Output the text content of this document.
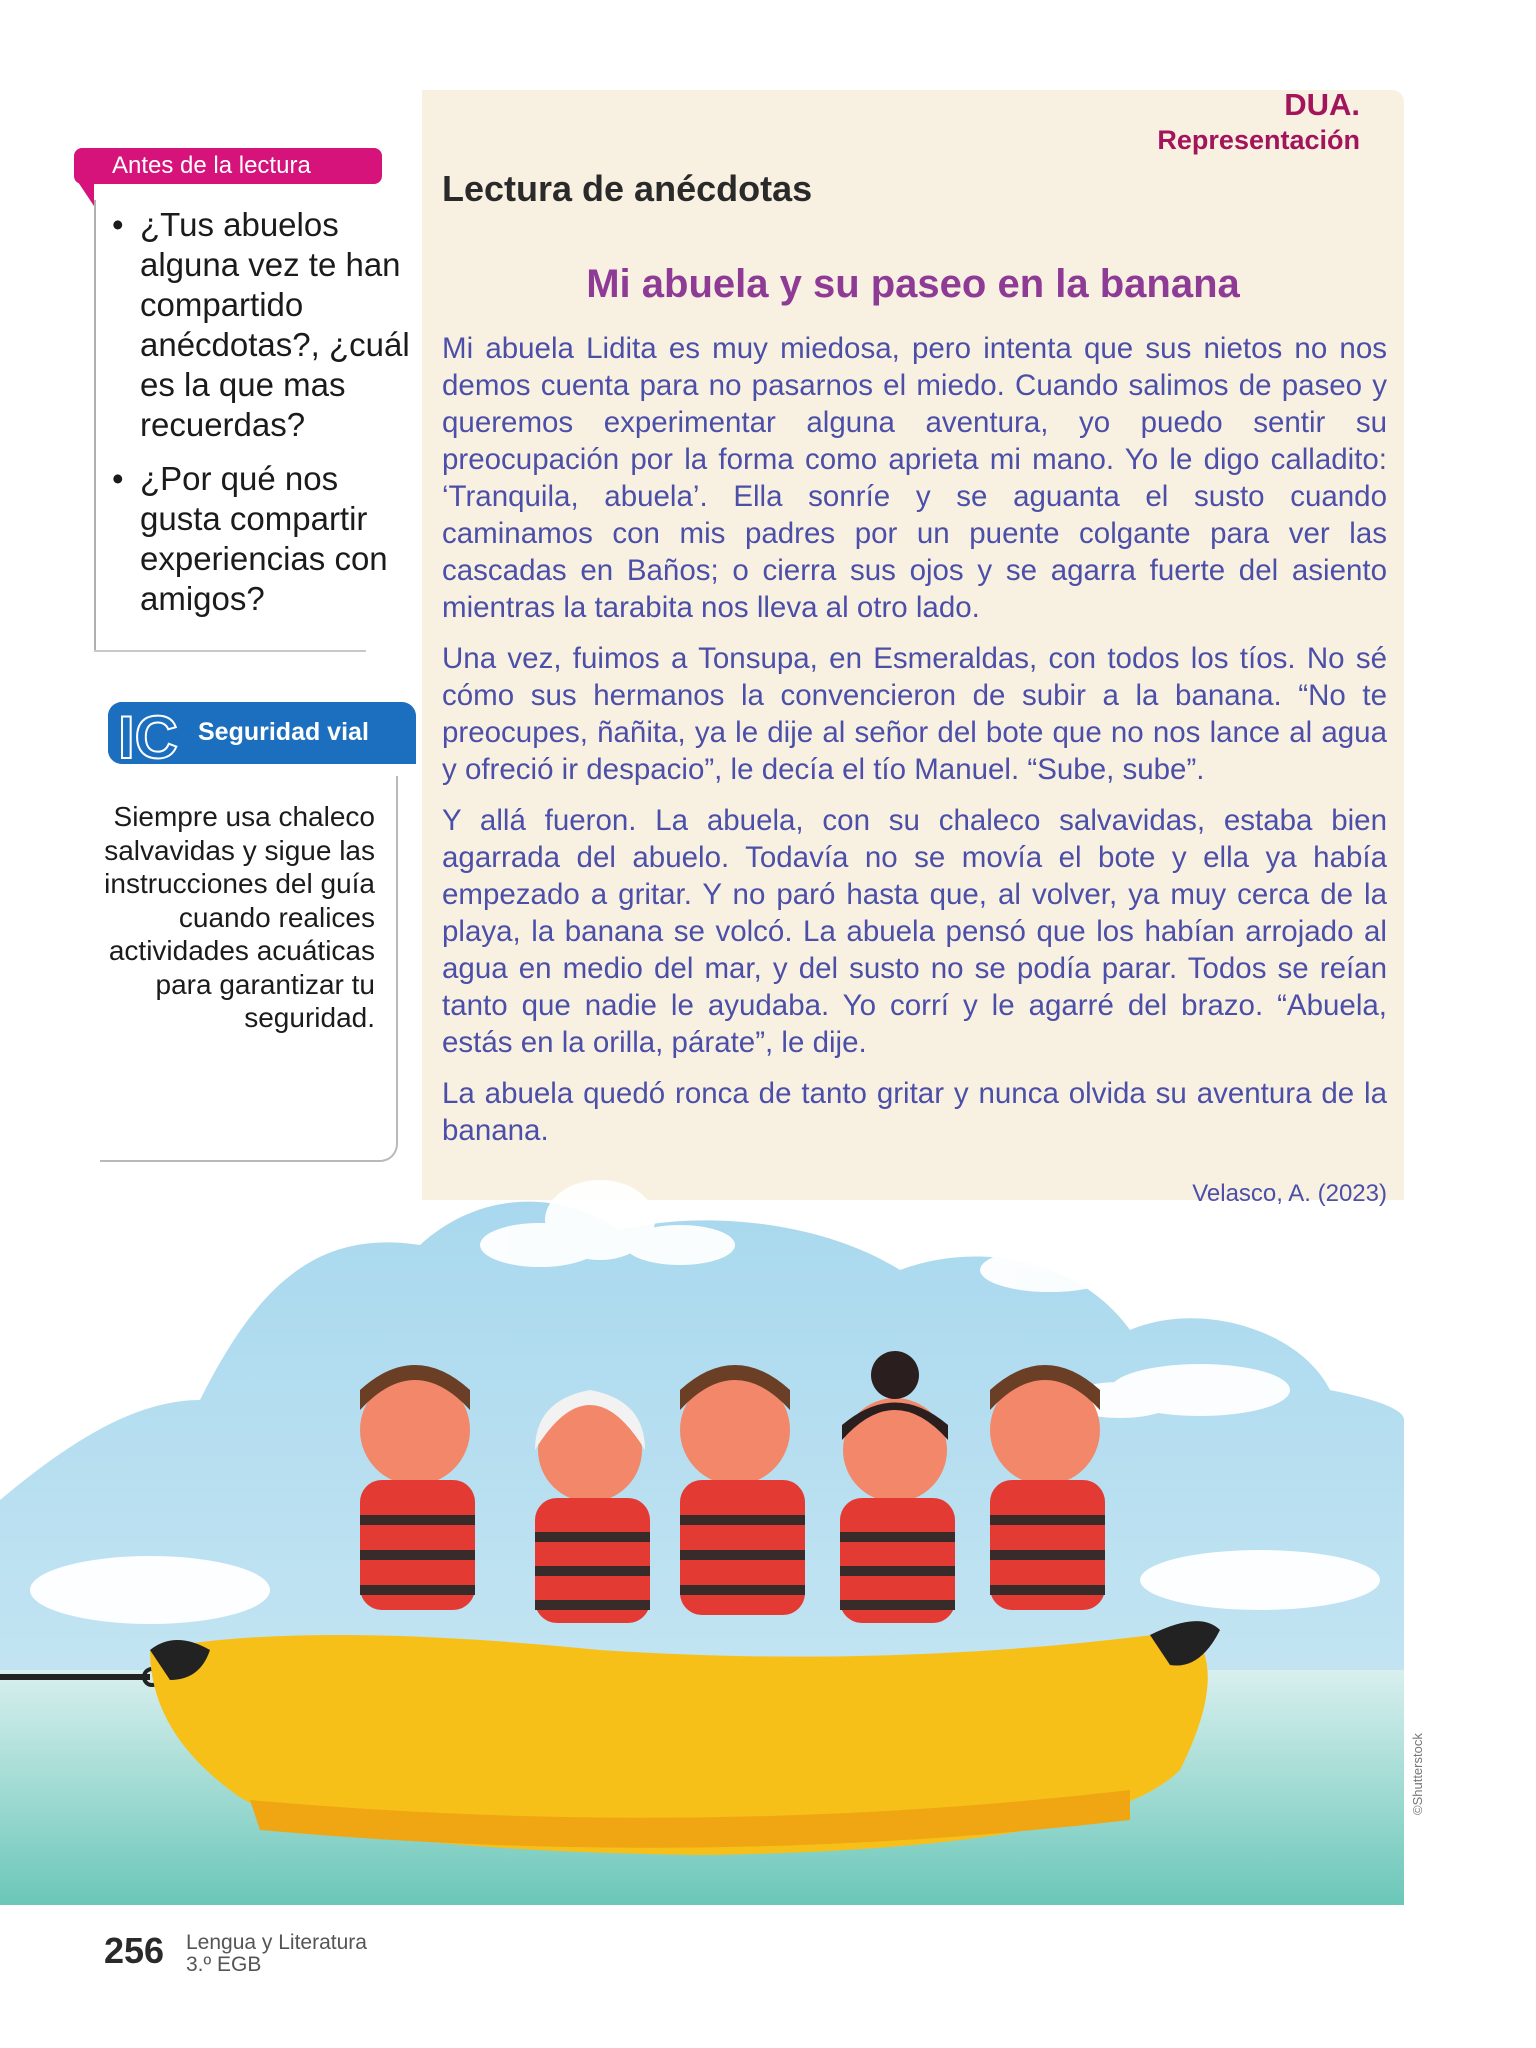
DUA.
Representación
Lectura de anécdotas
Mi abuela y su paseo en la banana

Mi abuela Lidita es muy miedosa, pero intenta que sus nietos no nos demos cuenta para no pasarnos el miedo. Cuando salimos de paseo y queremos experimentar alguna aventura, yo puedo sentir su preocupación por la forma como aprieta mi mano. Yo le digo calladito: ‘Tranquila, abuela’. Ella sonríe y se aguanta el susto cuando caminamos con mis padres por un puente colgante para ver las cascadas en Baños; o cierra sus ojos y se agarra fuerte del asiento mientras la tarabita nos lleva al otro lado.

Una vez, fuimos a Tonsupa, en Esmeraldas, con todos los tíos. No sé cómo sus hermanos la convencieron de subir a la banana. “No te preocupes, ñañita, ya le dije al señor del bote que no nos lance al agua y ofreció ir despacio”, le decía el tío Manuel. “Sube, sube”.

Y allá fueron. La abuela, con su chaleco salvavidas, estaba bien agarrada del abuelo. Todavía no se movía el bote y ella ya había empezado a gritar. Y no paró hasta que, al volver, ya muy cerca de la playa, la banana se volcó. La abuela pensó que los habían arrojado al agua en medio del mar, y del susto no se podía parar. Todos se reían tanto que nadie le ayudaba. Yo corrí y le agarré del brazo. “Abuela, estás en la orilla, párate”, le dije.

La abuela quedó ronca de tanto gritar y nunca olvida su aventura de la banana.

Antes de la lectura
• ¿Tus abuelos alguna vez te han compartido anécdotas?, ¿cuál es la que mas recuerdas?
• ¿Por qué nos gusta compartir experiencias con amigos?
IC Seguridad vial
Siempre usa chaleco salvavidas y sigue las instrucciones del guía cuando realices actividades acuáticas para garantizar tu seguridad.
Velasco, A. (2023)
©Shutterstock
256 Lengua y Literatura
3.º EGB
